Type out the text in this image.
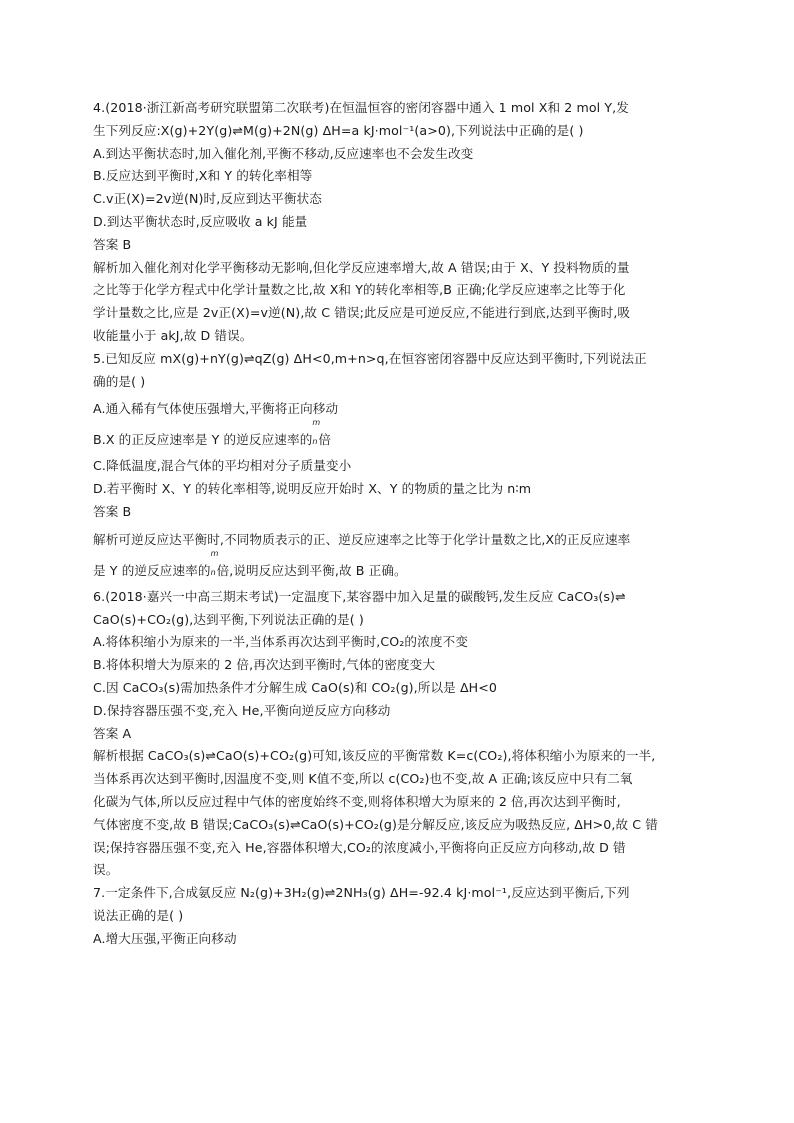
4.(2018·浙江新高考研究联盟第二次联考)在恒温恒容的密闭容器中通入 1 mol X和 2 mol Y,发
生下列反应:X(g)+2Y(g)⇌M(g)+2N(g) ΔH=a kJ·mol⁻¹(a>0),下列说法中正确的是( )
A.到达平衡状态时,加入催化剂,平衡不移动,反应速率也不会发生改变
B.反应达到平衡时,X和 Y 的转化率相等
C.v正(X)=2v逆(N)时,反应到达平衡状态
D.到达平衡状态时,反应吸收 a kJ 能量
答案 B
解析加入催化剂对化学平衡移动无影响,但化学反应速率增大,故 A 错误;由于 X、Y 投料物质的量
之比等于化学方程式中化学计量数之比,故 X和 Y的转化率相等,B 正确;化学反应速率之比等于化
学计量数之比,应是 2v正(X)=v逆(N),故 C 错误;此反应是可逆反应,不能进行到底,达到平衡时,吸
收能量小于 akJ,故 D 错误。
5.已知反应 mX(g)+nY(g)⇌qZ(g) ΔH<0,m+n>q,在恒容密闭容器中反应达到平衡时,下列说法正
确的是( )
A.通入稀有气体使压强增大,平衡将正向移动
B.X 的正反应速率是 Y 的逆反应速率的
m
n倍
C.降低温度,混合气体的平均相对分子质量变小
D.若平衡时 X、Y 的转化率相等,说明反应开始时 X、Y 的物质的量之比为 n∶m
答案 B
解析可逆反应达平衡时,不同物质表示的正、逆反应速率之比等于化学计量数之比,X的正反应速率
是 Y 的逆反应速率的
m
n倍,说明反应达到平衡,故 B 正确。
6.(2018·嘉兴一中高三期末考试)一定温度下,某容器中加入足量的碳酸钙,发生反应 CaCO₃(s)⇌
CaO(s)+CO₂(g),达到平衡,下列说法正确的是( )
A.将体积缩小为原来的一半,当体系再次达到平衡时,CO₂的浓度不变
B.将体积增大为原来的 2 倍,再次达到平衡时,气体的密度变大
C.因 CaCO₃(s)需加热条件才分解生成 CaO(s)和 CO₂(g),所以是 ΔH<0
D.保持容器压强不变,充入 He,平衡向逆反应方向移动
答案 A
解析根据 CaCO₃(s)⇌CaO(s)+CO₂(g)可知,该反应的平衡常数 K=c(CO₂),将体积缩小为原来的一半,
当体系再次达到平衡时,因温度不变,则 K值不变,所以 c(CO₂)也不变,故 A 正确;该反应中只有二氧
化碳为气体,所以反应过程中气体的密度始终不变,则将体积增大为原来的 2 倍,再次达到平衡时,
气体密度不变,故 B 错误;CaCO₃(s)⇌CaO(s)+CO₂(g)是分解反应,该反应为吸热反应, ΔH>0,故 C 错
误;保持容器压强不变,充入 He,容器体积增大,CO₂的浓度减小,平衡将向正反应方向移动,故 D 错
误。
7.一定条件下,合成氨反应 N₂(g)+3H₂(g)⇌2NH₃(g) ΔH=-92.4 kJ·mol⁻¹,反应达到平衡后,下列
说法正确的是( )
A.增大压强,平衡正向移动
